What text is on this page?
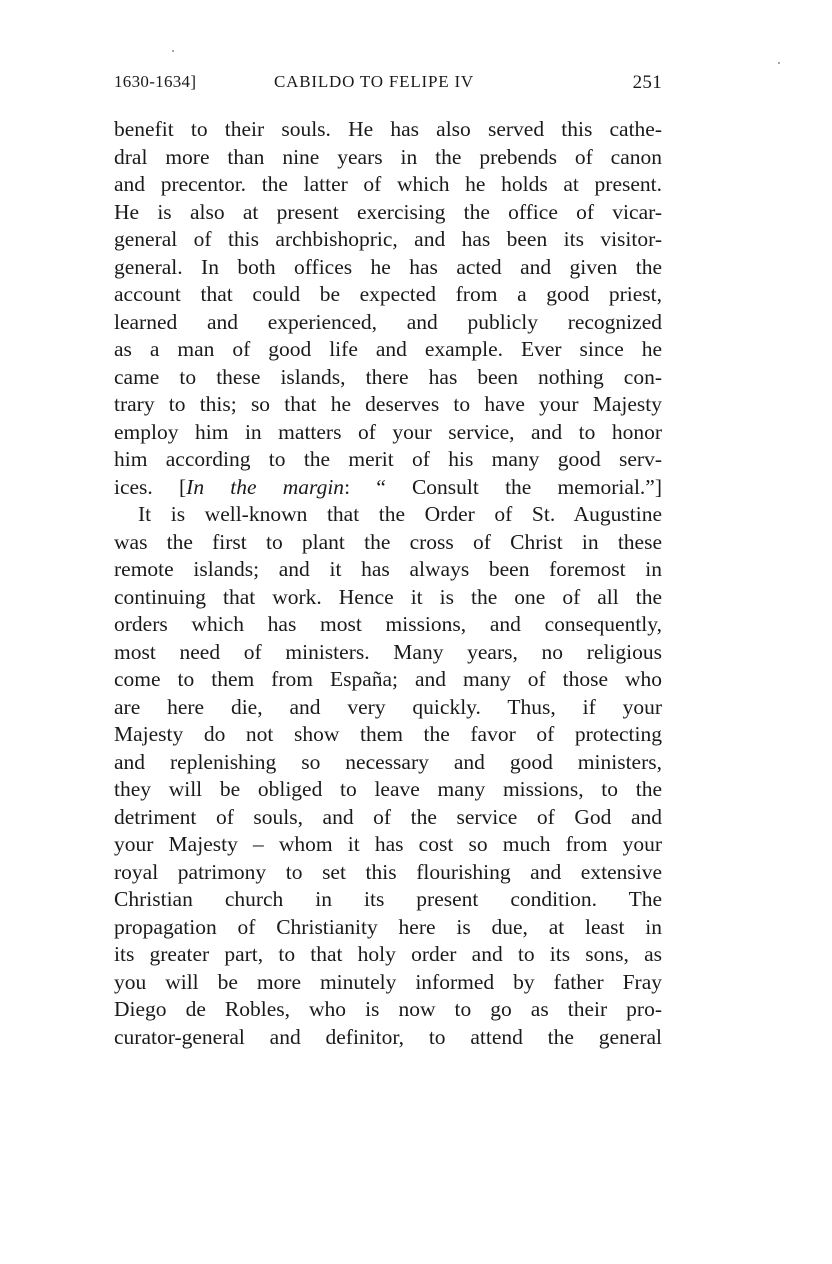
1630-1634]	CABILDO TO FELIPE IV	251
benefit to their souls. He has also served this cathe-
dral more than nine years in the prebends of canon
and precentor. the latter of which he holds at present.
He is also at present exercising the office of vicar-
general of this archbishopric, and has been its visitor-
general. In both offices he has acted and given the
account that could be expected from a good priest,
learned and experienced, and publicly recognized
as a man of good life and example. Ever since he
came to these islands, there has been nothing con-
trary to this; so that he deserves to have your Majesty
employ him in matters of your service, and to honor
him according to the merit of his many good serv-
ices. [In the margin: “ Consult the memorial.”]
It is well-known that the Order of St. Augustine
was the first to plant the cross of Christ in these
remote islands; and it has always been foremost in
continuing that work. Hence it is the one of all the
orders which has most missions, and consequently,
most need of ministers. Many years, no religious
come to them from España; and many of those who
are here die, and very quickly. Thus, if your
Majesty do not show them the favor of protecting
and replenishing so necessary and good ministers,
they will be obliged to leave many missions, to the
detriment of souls, and of the service of God and
your Majesty – whom it has cost so much from your
royal patrimony to set this flourishing and extensive
Christian church in its present condition. The
propagation of Christianity here is due, at least in
its greater part, to that holy order and to its sons, as
you will be more minutely informed by father Fray
Diego de Robles, who is now to go as their pro-
curator-general and definitor, to attend the general
